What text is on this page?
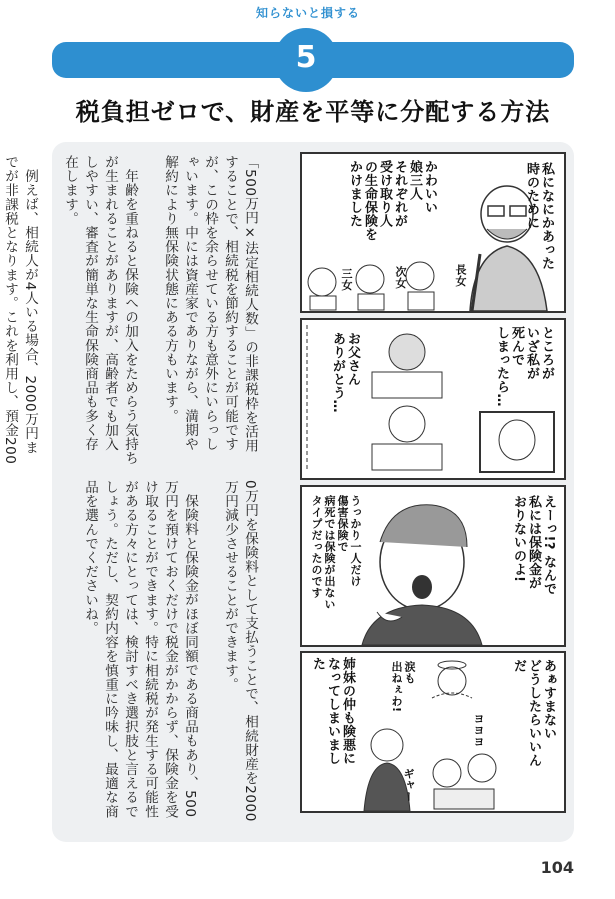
知らないと損する
5
税負担ゼロで、財産を平等に分配する方法

「500万円×法定相続人数」の非課税枠を活用することで、相続税を節約することが可能ですが、この枠を余らせている方も意外にいらっしゃいます。中には資産家でありながら、満期や解約により無保険状態にある方もいます。

年齢を重ねると保険への加入をためらう気持ちが生まれることがありますが、高齢者でも加入しやすい、審査が簡単な生命保険商品も多く存在します。

例えば、相続人が4人いる場合、2000万円までが非課税となります。これを利用し、預金200

0万円を保険料として支払うことで、相続財産を2000万円減少させることができます。

保険料と保険金がほぼ同額である商品もあり、500万円を預けておくだけで税金がかからず、保険金を受け取ることができます。特に相続税が発生する可能性がある方々にとっては、検討すべき選択肢と言えるでしょう。ただし、契約内容を慎重に吟味し、最適な商品を選んでくださいね。

私になにかあった
時のために
かわいい
娘三人
それぞれが
受け取り人
の生命保険を
かけました
長女
次女
三女
ところが
いざ私が
死んで
しまったら…
お父さん
ありがとう…
えーっ!? なんで
私には保険金が
おりないのよ!
うっかり一人だけ
傷害保険で
病死では保険が出ない
タイプだったのです
あぁすまない
どうしたらいいんだ
姉妹の仲も険悪に
なってしまいました	涙も
出ねぇわ!
ギャー
ヨヨヨ
104
